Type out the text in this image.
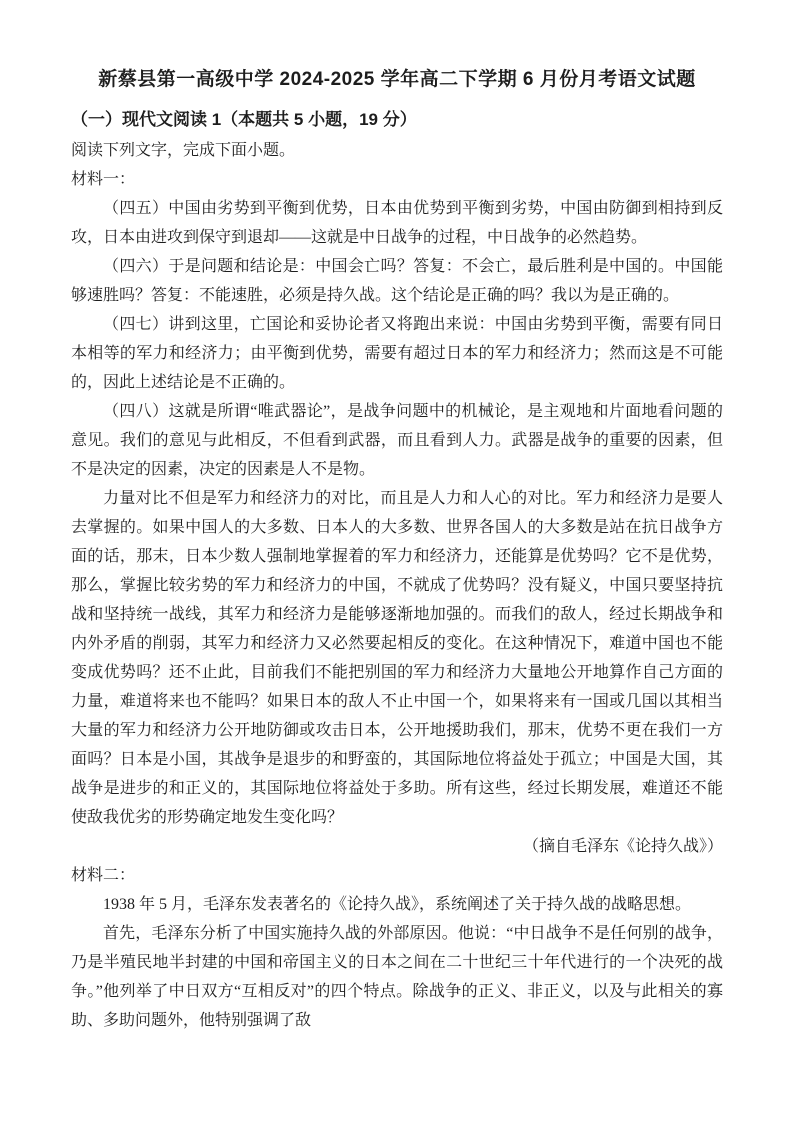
新蔡县第一高级中学 2024-2025 学年高二下学期 6 月份月考语文试题
（一）现代文阅读 1（本题共 5 小题，19 分）

阅读下列文字，完成下面小题。

材料一：

（四五）中国由劣势到平衡到优势，日本由优势到平衡到劣势，中国由防御到相持到反攻，日本由进攻到保守到退却——这就是中日战争的过程，中日战争的必然趋势。

（四六）于是问题和结论是：中国会亡吗？答复：不会亡，最后胜利是中国的。中国能够速胜吗？答复：不能速胜，必须是持久战。这个结论是正确的吗？我以为是正确的。

（四七）讲到这里，亡国论和妥协论者又将跑出来说：中国由劣势到平衡，需要有同日本相等的军力和经济力；由平衡到优势，需要有超过日本的军力和经济力；然而这是不可能的，因此上述结论是不正确的。

（四八）这就是所谓“唯武器论”，是战争问题中的机械论，是主观地和片面地看问题的意见。我们的意见与此相反，不但看到武器，而且看到人力。武器是战争的重要的因素，但不是决定的因素，决定的因素是人不是物。

力量对比不但是军力和经济力的对比，而且是人力和人心的对比。军力和经济力是要人去掌握的。如果中国人的大多数、日本人的大多数、世界各国人的大多数是站在抗日战争方面的话，那末，日本少数人强制地掌握着的军力和经济力，还能算是优势吗？它不是优势，那么，掌握比较劣势的军力和经济力的中国，不就成了优势吗？没有疑义，中国只要坚持抗战和坚持统一战线，其军力和经济力是能够逐渐地加强的。而我们的敌人，经过长期战争和内外矛盾的削弱，其军力和经济力又必然要起相反的变化。在这种情况下，难道中国也不能变成优势吗？还不止此，目前我们不能把别国的军力和经济力大量地公开地算作自己方面的力量，难道将来也不能吗？如果日本的敌人不止中国一个，如果将来有一国或几国以其相当大量的军力和经济力公开地防御或攻击日本，公开地援助我们，那末，优势不更在我们一方面吗？日本是小国，其战争是退步的和野蛮的，其国际地位将益处于孤立；中国是大国，其战争是进步的和正义的，其国际地位将益处于多助。所有这些，经过长期发展，难道还不能使敌我优劣的形势确定地发生变化吗？

（摘自毛泽东《论持久战》）

材料二：

1938 年 5 月，毛泽东发表著名的《论持久战》，系统阐述了关于持久战的战略思想。

首先，毛泽东分析了中国实施持久战的外部原因。他说：“中日战争不是任何别的战争，乃是半殖民地半封建的中国和帝国主义的日本之间在二十世纪三十年代进行的一个决死的战争。”他列举了中日双方“互相反对”的四个特点。除战争的正义、非正义，以及与此相关的寡助、多助问题外，他特别强调了敌
